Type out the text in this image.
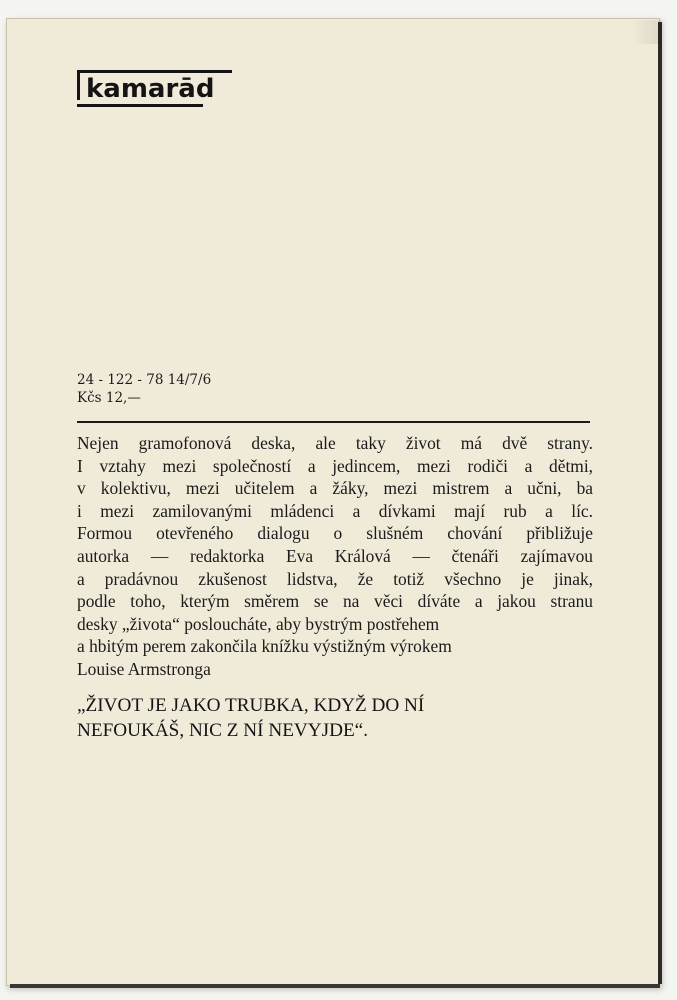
kamarād
24 - 122 - 78 14/7/6
Kčs 12,—
Nejen gramofonová deska, ale taky život má dvě strany.
I vztahy mezi společností a jedincem, mezi rodiči a dětmi,
v kolektivu, mezi učitelem a žáky, mezi mistrem a učni, ba
i mezi zamilovanými mládenci a dívkami mají rub a líc.
Formou otevřeného dialogu o slušném chování přibližuje
autorka — redaktorka Eva Králová — čtenáři zajímavou
a pradávnou zkušenost lidstva, že totiž všechno je jinak,
podle toho, kterým směrem se na věci díváte a jakou stranu
desky „života“ posloucháte, aby bystrým postřehem
a hbitým perem zakončila knížku výstižným výrokem
Louise Armstronga
„ŽIVOT JE JAKO TRUBKA, KDYŽ DO NÍ
NEFOUKÁŠ, NIC Z NÍ NEVYJDE“.
